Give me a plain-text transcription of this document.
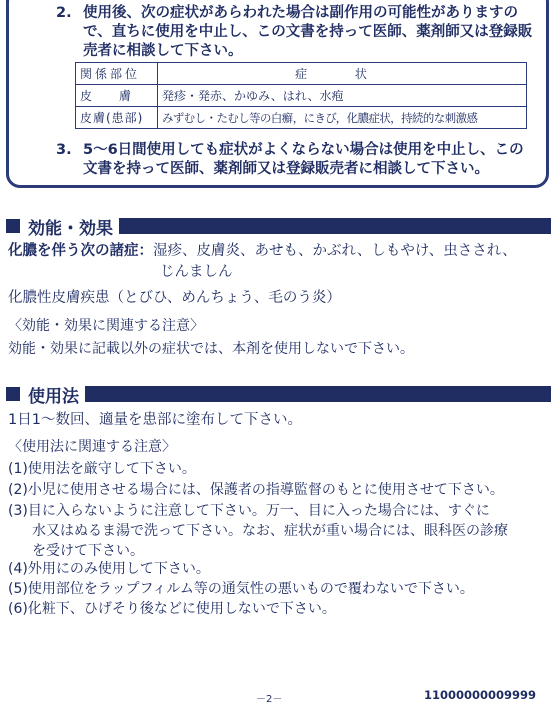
2. 使用後、次の症状があらわれた場合は副作用の可能性がありますので、直ちに使用を中止し、この文書を持って医師、薬剤師又は登録販売者に相談して下さい。
関係部位	症 状
皮　　膚	発疹・発赤、かゆみ、はれ、水疱
皮膚(患部)	みずむし・たむし等の白癬，にきび，化膿症状，持続的な刺激感
3. 5～6日間使用しても症状がよくならない場合は使用を中止し、この文書を持って医師、薬剤師又は登録販売者に相談して下さい。
効能・効果
化膿を伴う次の諸症：湿疹、皮膚炎、あせも、かぶれ、しもやけ、虫さされ、
じんましん
化膿性皮膚疾患（とびひ、めんちょう、毛のう炎）
〈効能・効果に関連する注意〉
効能・効果に記載以外の症状では、本剤を使用しないで下さい。
使用法
1日1～数回、適量を患部に塗布して下さい。
〈使用法に関連する注意〉
(1)使用法を厳守して下さい。
(2)小児に使用させる場合には、保護者の指導監督のもとに使用させて下さい。
(3)目に入らないように注意して下さい。万一、目に入った場合には、すぐに
水又はぬるま湯で洗って下さい。なお、症状が重い場合には、眼科医の診療
を受けて下さい。
(4)外用にのみ使用して下さい。
(5)使用部位をラップフィルム等の通気性の悪いもので覆わないで下さい。
(6)化粧下、ひげそり後などに使用しないで下さい。
－2－	11000000009999
